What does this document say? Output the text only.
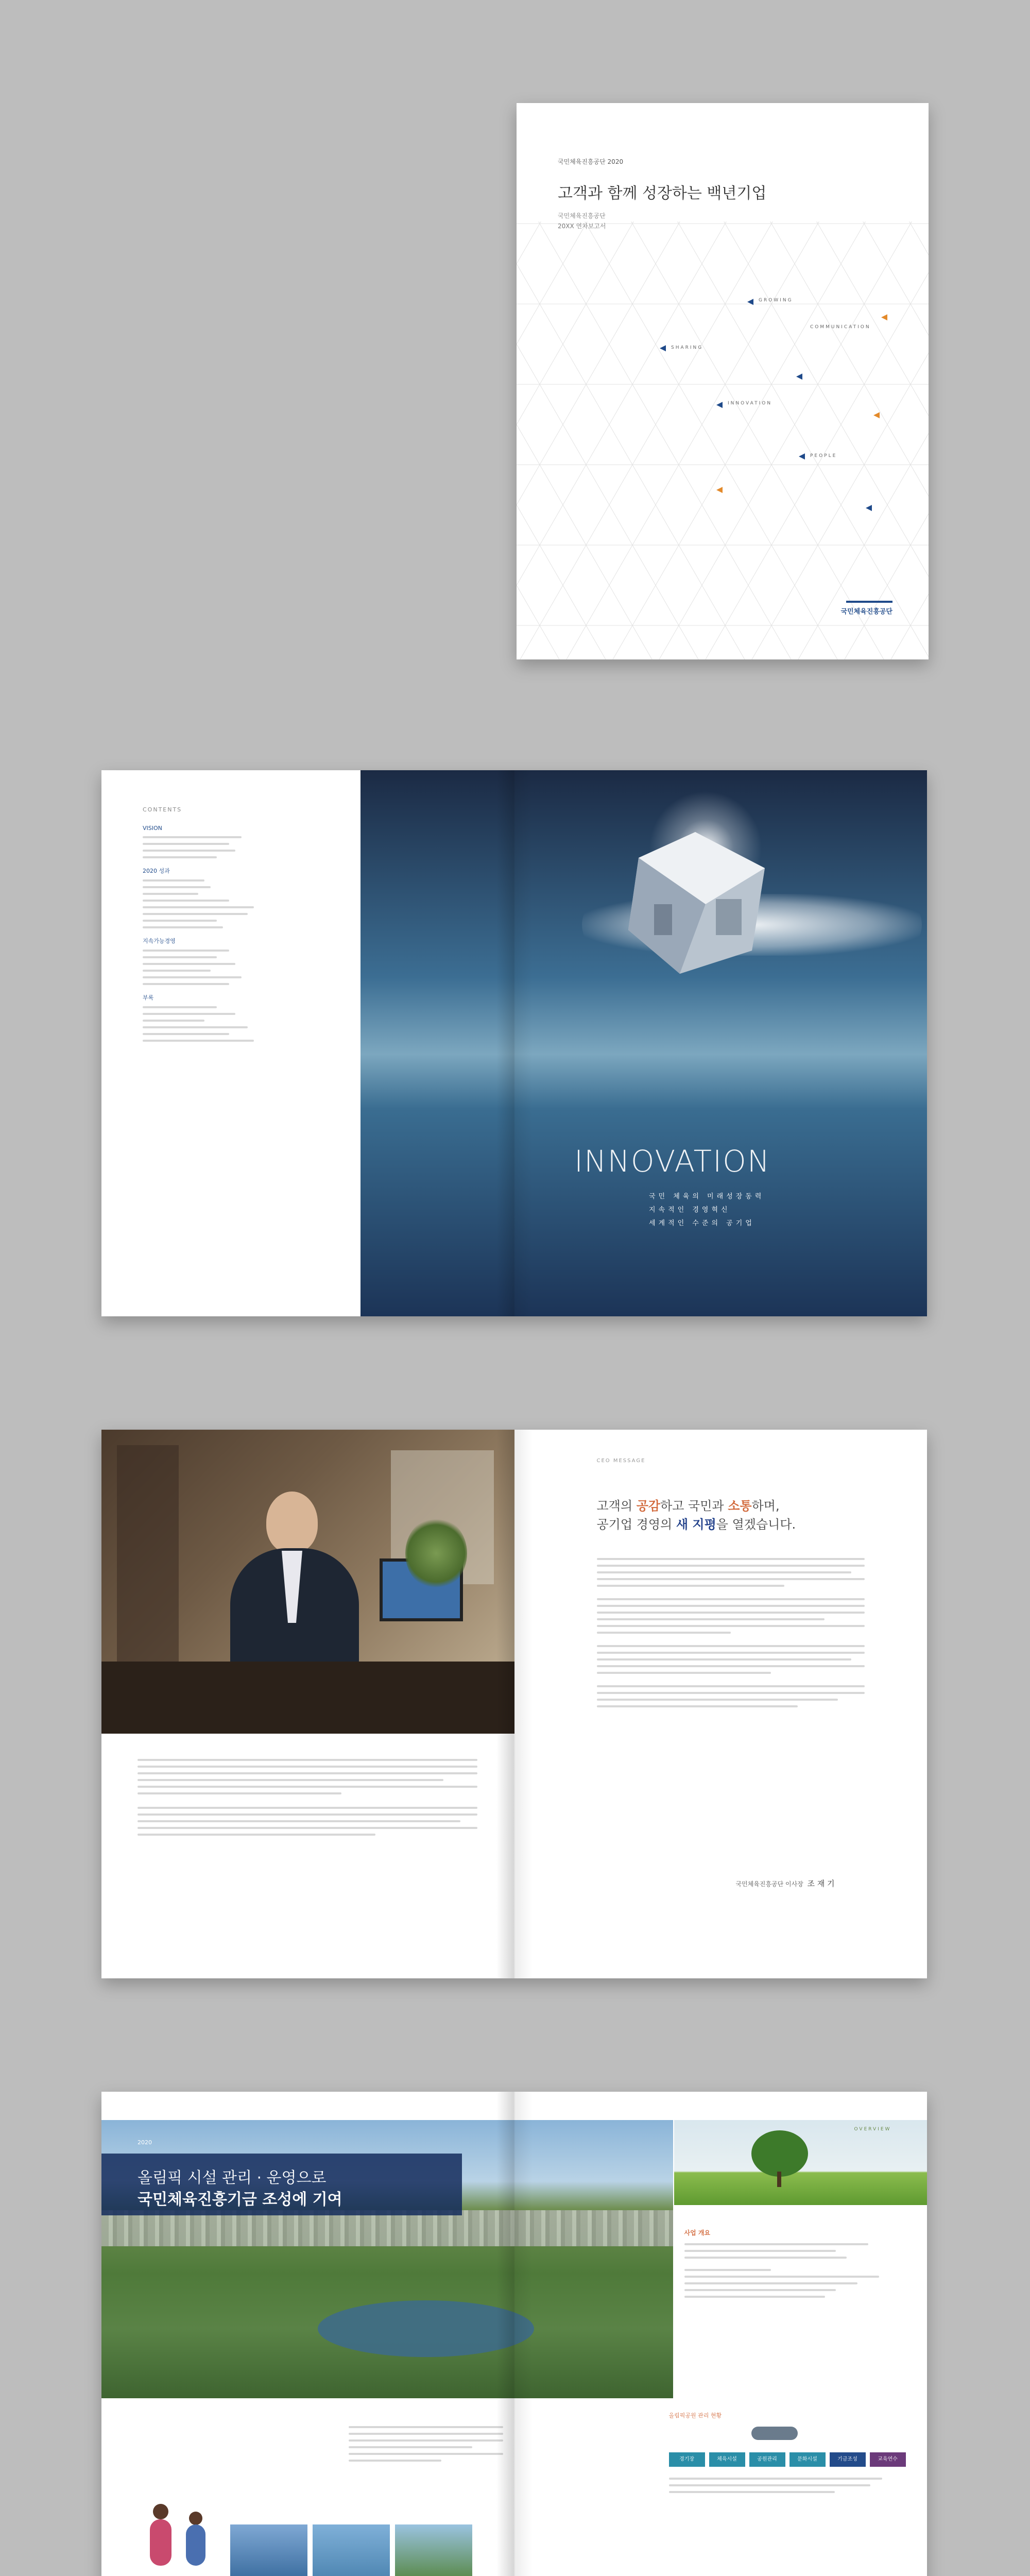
국민체육진흥공단 2020
고객과 함께 성장하는 백년기업
국민체육진흥공단
20XX 연차보고서
GROWING
COMMUNICATION
SHARING
INNOVATION
PEOPLE
국민체육진흥공단
CONTENTS
VISION
2020 성과
지속가능경영
부록
INNOVATION
국민 체육의 미래성장동력
지속적인 경영혁신
세계적인 수준의 공기업
CEO MESSAGE
고객의 공감하고 국민과 소통하며,
공기업 경영의 새 지평을 열겠습니다.
국민체육진흥공단 이사장 조 재 기
2020
올림픽 시설 관리 · 운영으로
국민체육진흥기금 조성에 기여
OVERVIEW
사업 개요
올림픽공원 관리 현황
경기장	체육시설	공원관리	문화시설	기금조성	교육연수
